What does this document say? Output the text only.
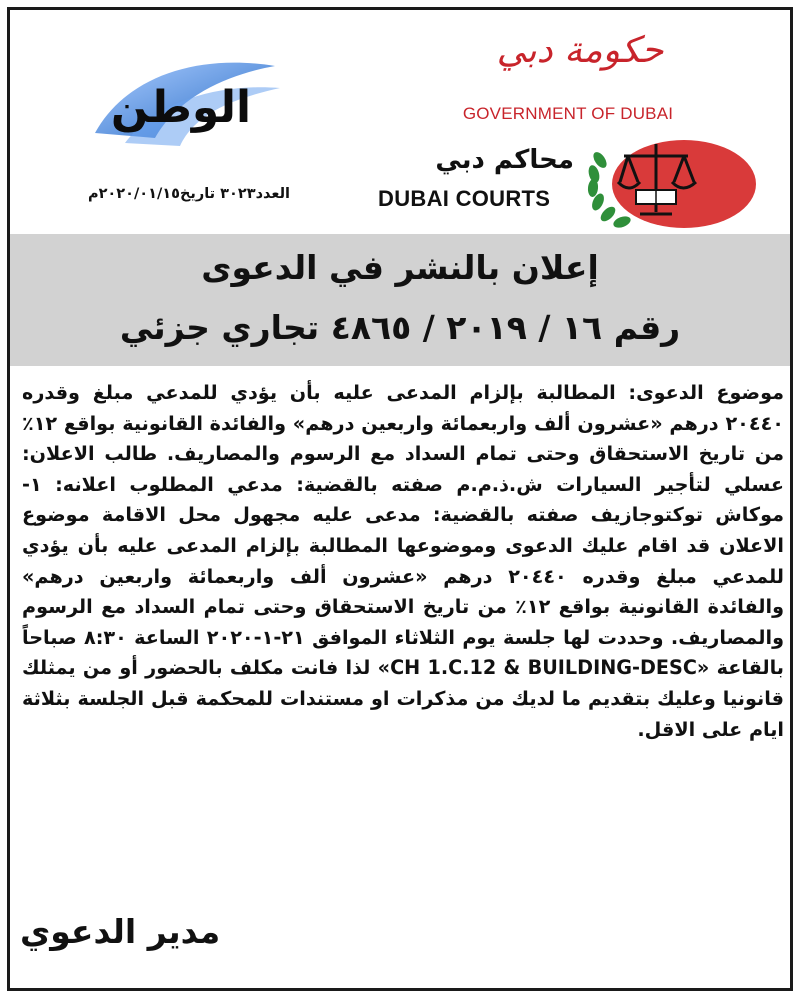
الوطن
العدد٣٠٢٣ تاريخ٢٠٢٠/٠١/١٥م
حكومة دبي
GOVERNMENT OF DUBAI
محاكم دبي
DUBAI COURTS
إعلان بالنشر في الدعوى
رقم ١٦ / ٢٠١٩ / ٤٨٦٥ تجاري جزئي
موضوع الدعوى: المطالبة بإلزام المدعى عليه بأن يؤدي للمدعي مبلغ وقدره ٢٠٤٤٠ درهم «عشرون ألف واربعمائة واربعين درهم» والفائدة القانونية بواقع ١٢٪ من تاريخ الاستحقاق وحتى تمام السداد مع الرسوم والمصاريف. طالب الاعلان: عسلي لتأجير السيارات ش.ذ.م.م صفته بالقضية: مدعي المطلوب اعلانه: ١- موكاش توكتوجازيف صفته بالقضية: مدعى عليه مجهول محل الاقامة موضوع الاعلان قد اقام عليك الدعوى وموضوعها المطالبة بإلزام المدعى عليه بأن يؤدي للمدعي مبلغ وقدره ٢٠٤٤٠ درهم «عشرون ألف واربعمائة واربعين درهم» والفائدة القانونية بواقع ١٢٪ من تاريخ الاستحقاق وحتى تمام السداد مع الرسوم والمصاريف. وحددت لها جلسة يوم الثلاثاء الموافق ٢١-١-٢٠٢٠ الساعة ٨:٣٠ صباحاً بالقاعة «CH 1.C.12 & BUILDING-DESC» لذا فانت مكلف بالحضور أو من يمثلك قانونيا وعليك بتقديم ما لديك من مذكرات او مستندات للمحكمة قبل الجلسة بثلاثة ايام على الاقل.
مدير الدعوي
